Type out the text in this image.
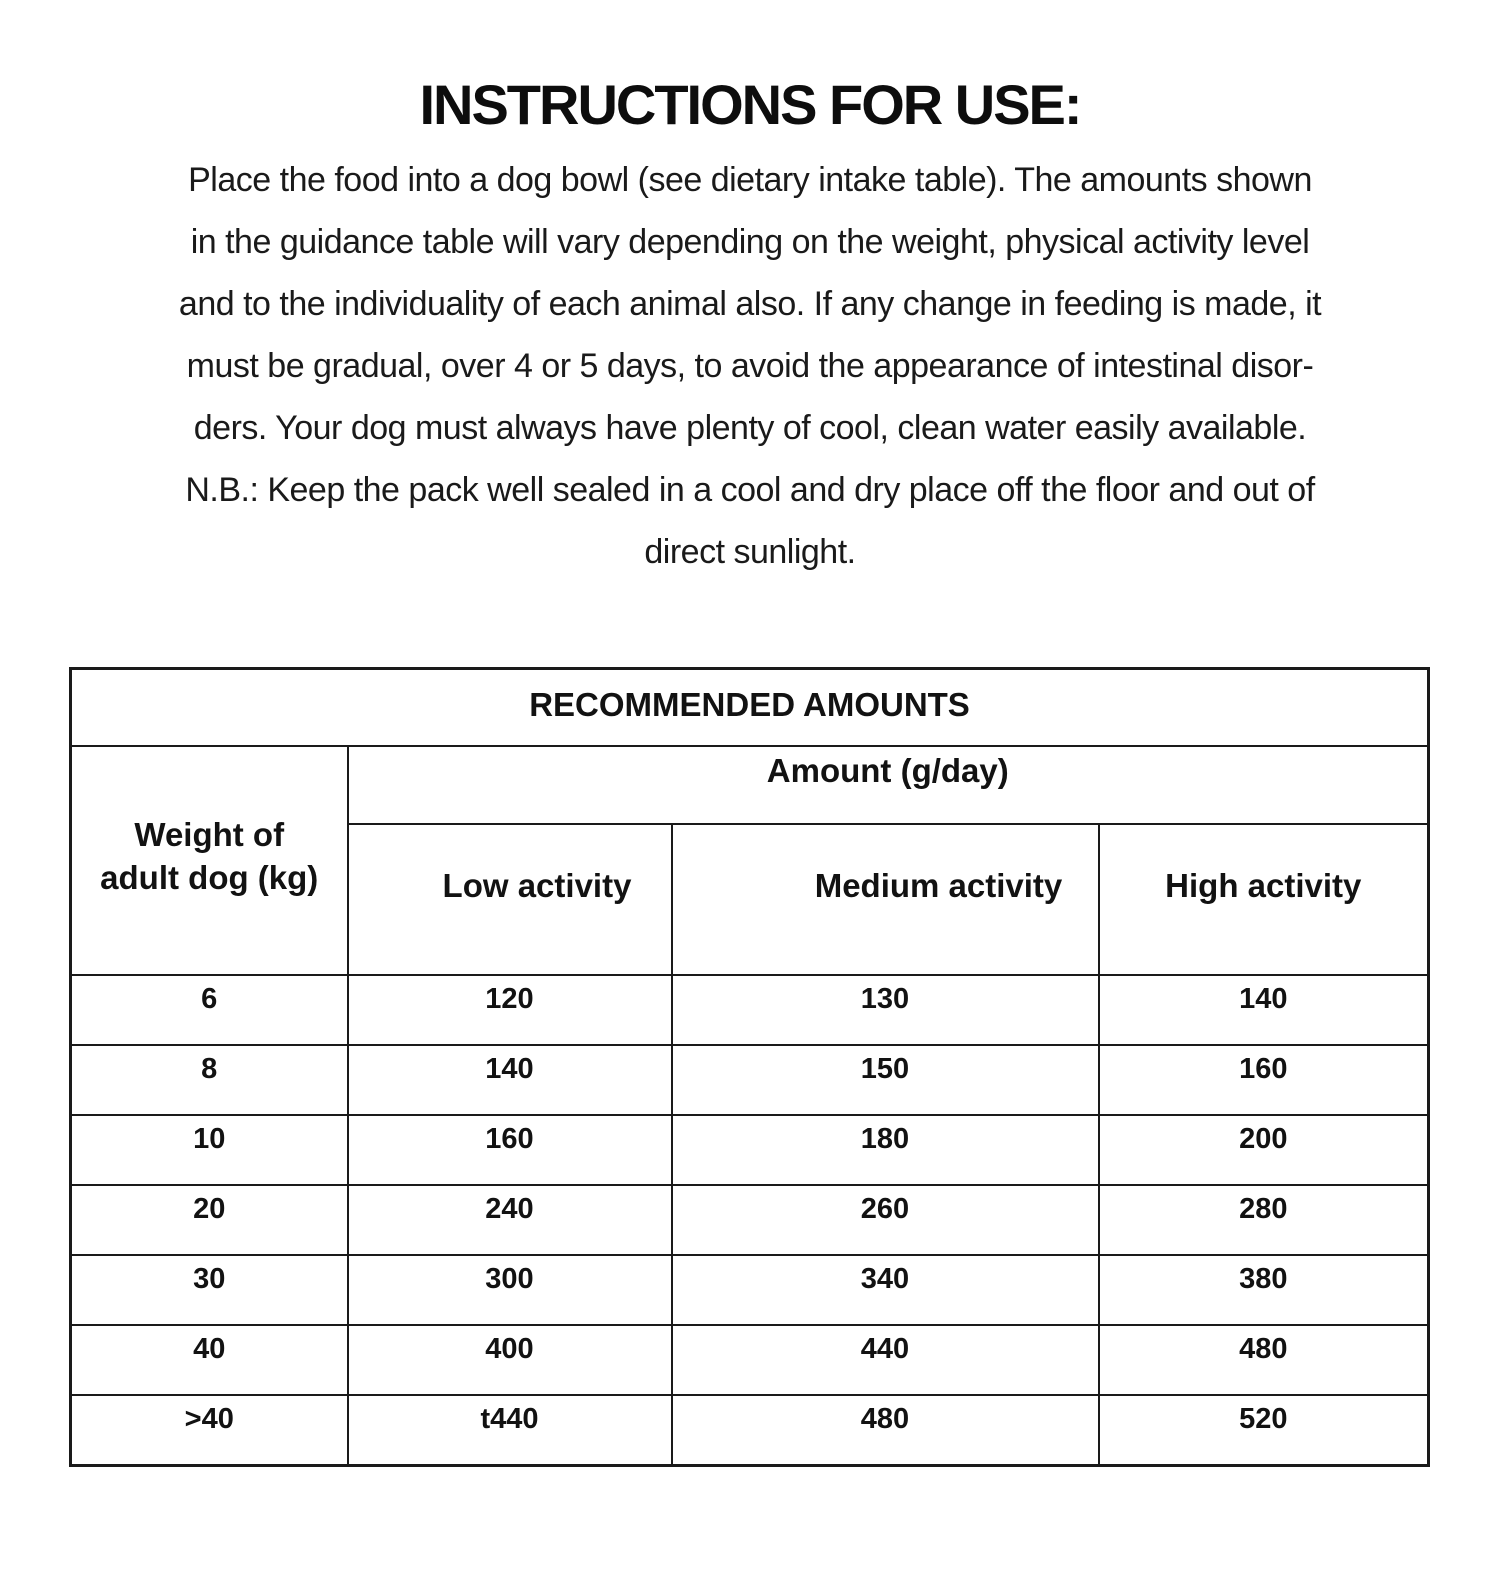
INSTRUCTIONS FOR USE:
Place the food into a dog bowl (see dietary intake table). The amounts shown
in the guidance table will vary depending on the weight, physical activity level
and to the individuality of each animal also. If any change in feeding is made, it
must be gradual, over 4 or 5 days, to avoid the appearance of intestinal disor-
ders. Your dog must always have plenty of cool, clean water easily available.
N.B.: Keep the pack well sealed in a cool and dry place off the floor and out of
direct sunlight.
RECOMMENDED AMOUNTS			

Weight of
adult dog (kg)	Amount (g/day)		
	Low activity	Medium activity	High activity
6	120	130	140
8	140	150	160
10	160	180	200
20	240	260	280
30	300	340	380
40	400	440	480
>40	t440	480	520
